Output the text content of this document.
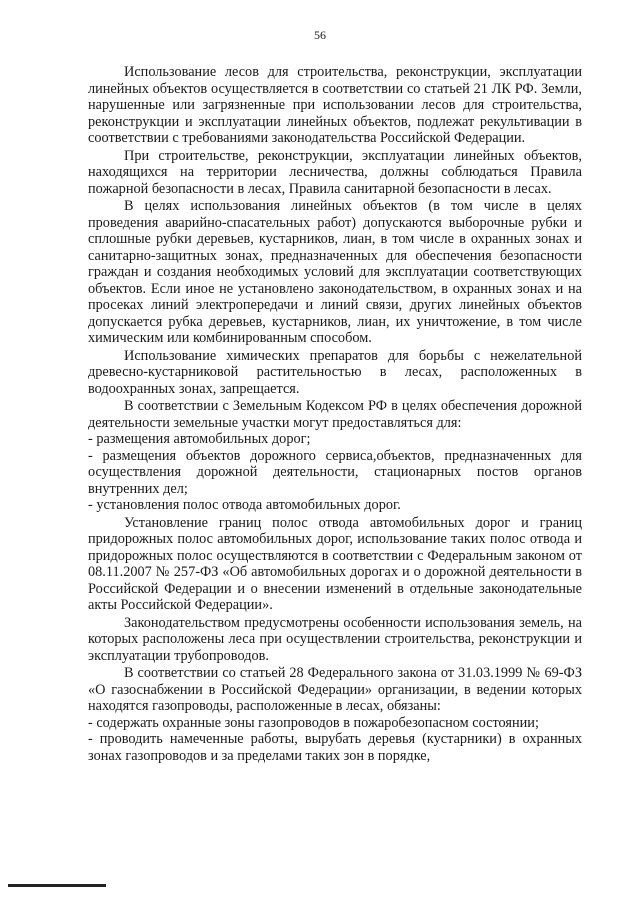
56

Использование лесов для строительства, реконструкции, эксплуатации линейных объектов осуществляется в соответствии со статьей 21 ЛК РФ. Земли, нарушенные или загрязненные при использовании лесов для строительства, реконструкции и эксплуатации линейных объектов, подлежат рекультивации в соответствии с требованиями законодательства Российской Федерации.

При строительстве, реконструкции, эксплуатации линейных объектов, находящихся на территории лесничества, должны соблюдаться Правила пожарной безопасности в лесах, Правила санитарной безопасности в лесах.

В целях использования линейных объектов (в том числе в целях проведения аварийно-спасательных работ) допускаются выборочные рубки и сплошные рубки деревьев, кустарников, лиан, в том числе в охранных зонах и санитарно-защитных зонах, предназначенных для обеспечения безопасности граждан и создания необходимых условий для эксплуатации соответствующих объектов. Если иное не установлено законодательством, в охранных зонах и на просеках линий электропередачи и линий связи, других линейных объектов допускается рубка деревьев, кустарников, лиан, их уничтожение, в том числе химическим или комбинированным способом.

Использование химических препаратов для борьбы с нежелательной древесно-кустарниковой растительностью в лесах, расположенных в водоохранных зонах, запрещается.

В соответствии с Земельным Кодексом РФ в целях обеспечения дорожной деятельности земельные участки могут предоставляться для:

- размещения автомобильных дорог;

- размещения объектов дорожного сервиса,объектов, предназначенных для осуществления дорожной деятельности, стационарных постов органов внутренних дел;

- установления полос отвода автомобильных дорог.

Установление границ полос отвода автомобильных дорог и границ придорожных полос автомобильных дорог, использование таких полос отвода и придорожных полос осуществляются в соответствии с Федеральным законом от 08.11.2007 № 257-ФЗ «Об автомобильных дорогах и о дорожной деятельности в Российской Федерации и о внесении изменений в отдельные законодательные акты Российской Федерации».

Законодательством предусмотрены особенности использования земель, на которых расположены леса при осуществлении строительства, реконструкции и эксплуатации трубопроводов.

В соответствии со статьей 28 Федерального закона от 31.03.1999 № 69-ФЗ «О газоснабжении в Российской Федерации» организации, в ведении которых находятся газопроводы, расположенные в лесах, обязаны:

- содержать охранные зоны газопроводов в пожаробезопасном состоянии;

- проводить намеченные работы, вырубать деревья (кустарники) в охранных зонах газопроводов и за пределами таких зон в порядке,
